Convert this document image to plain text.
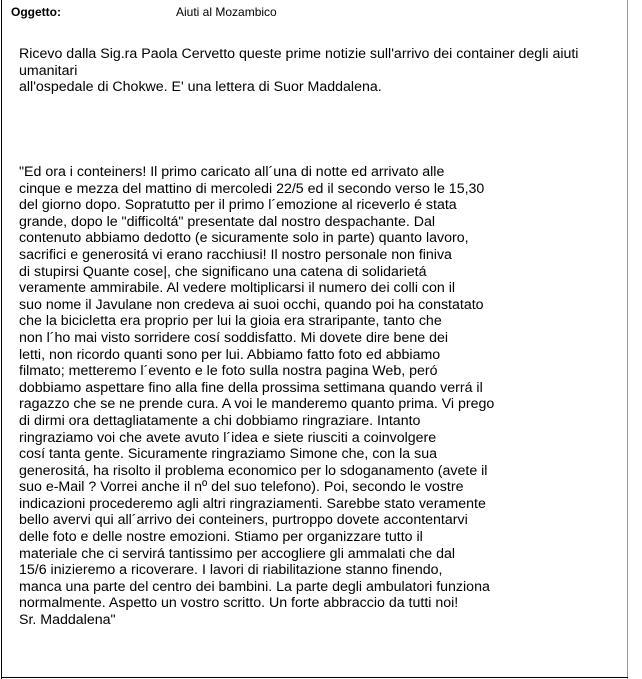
Oggetto:	Aiuti al Mozambico
Ricevo dalla Sig.ra Paola Cervetto queste prime notizie sull'arrivo dei container degli aiuti
umanitari
all'ospedale di Chokwe. E' una lettera di Suor Maddalena.
"Ed ora i conteiners! Il primo caricato all´una di notte ed arrivato alle
cinque e mezza del mattino di mercoledi 22/5 ed il secondo verso le 15,30
del giorno dopo. Sopratutto per il primo l´emozione al riceverlo é stata
grande, dopo le "difficoltá" presentate dal nostro despachante. Dal
contenuto abbiamo dedotto (e sicuramente solo in parte) quanto lavoro,
sacrifici e generositá vi erano racchiusi! Il nostro personale non finiva
di stupirsi Quante cose|, che significano una catena di solidarietá
veramente ammirabile. Al vedere moltiplicarsi il numero dei colli con il
suo nome il Javulane non credeva ai suoi occhi, quando poi ha constatato
che la bicicletta era proprio per lui la gioia era straripante, tanto che
non l´ho mai visto sorridere cosí soddisfatto. Mi dovete dire bene dei
letti, non ricordo quanti sono per lui. Abbiamo fatto foto ed abbiamo
filmato; metteremo l´evento e le foto sulla nostra pagina Web, peró
dobbiamo aspettare fino alla fine della prossima settimana quando verrá il
ragazzo che se ne prende cura. A voi le manderemo quanto prima. Vi prego
di dirmi ora dettagliatamente a chi dobbiamo ringraziare. Intanto
ringraziamo voi che avete avuto l´idea e siete riusciti a coinvolgere
cosí tanta gente. Sicuramente ringraziamo Simone che, con la sua
generositá, ha risolto il problema economico per lo sdoganamento (avete il
suo e-Mail ? Vorrei anche il nº del suo telefono). Poi, secondo le vostre
indicazioni procederemo agli altri ringraziamenti. Sarebbe stato veramente
bello avervi qui all´arrivo dei conteiners, purtroppo dovete accontentarvi
delle foto e delle nostre emozioni. Stiamo per organizzare tutto il
materiale che ci servirá tantissimo per accogliere gli ammalati che dal
15/6 inizieremo a ricoverare. I lavori di riabilitazione stanno finendo,
manca una parte del centro dei bambini. La parte degli ambulatori funziona
normalmente. Aspetto un vostro scritto. Un forte abbraccio da tutti noi!
Sr. Maddalena"
